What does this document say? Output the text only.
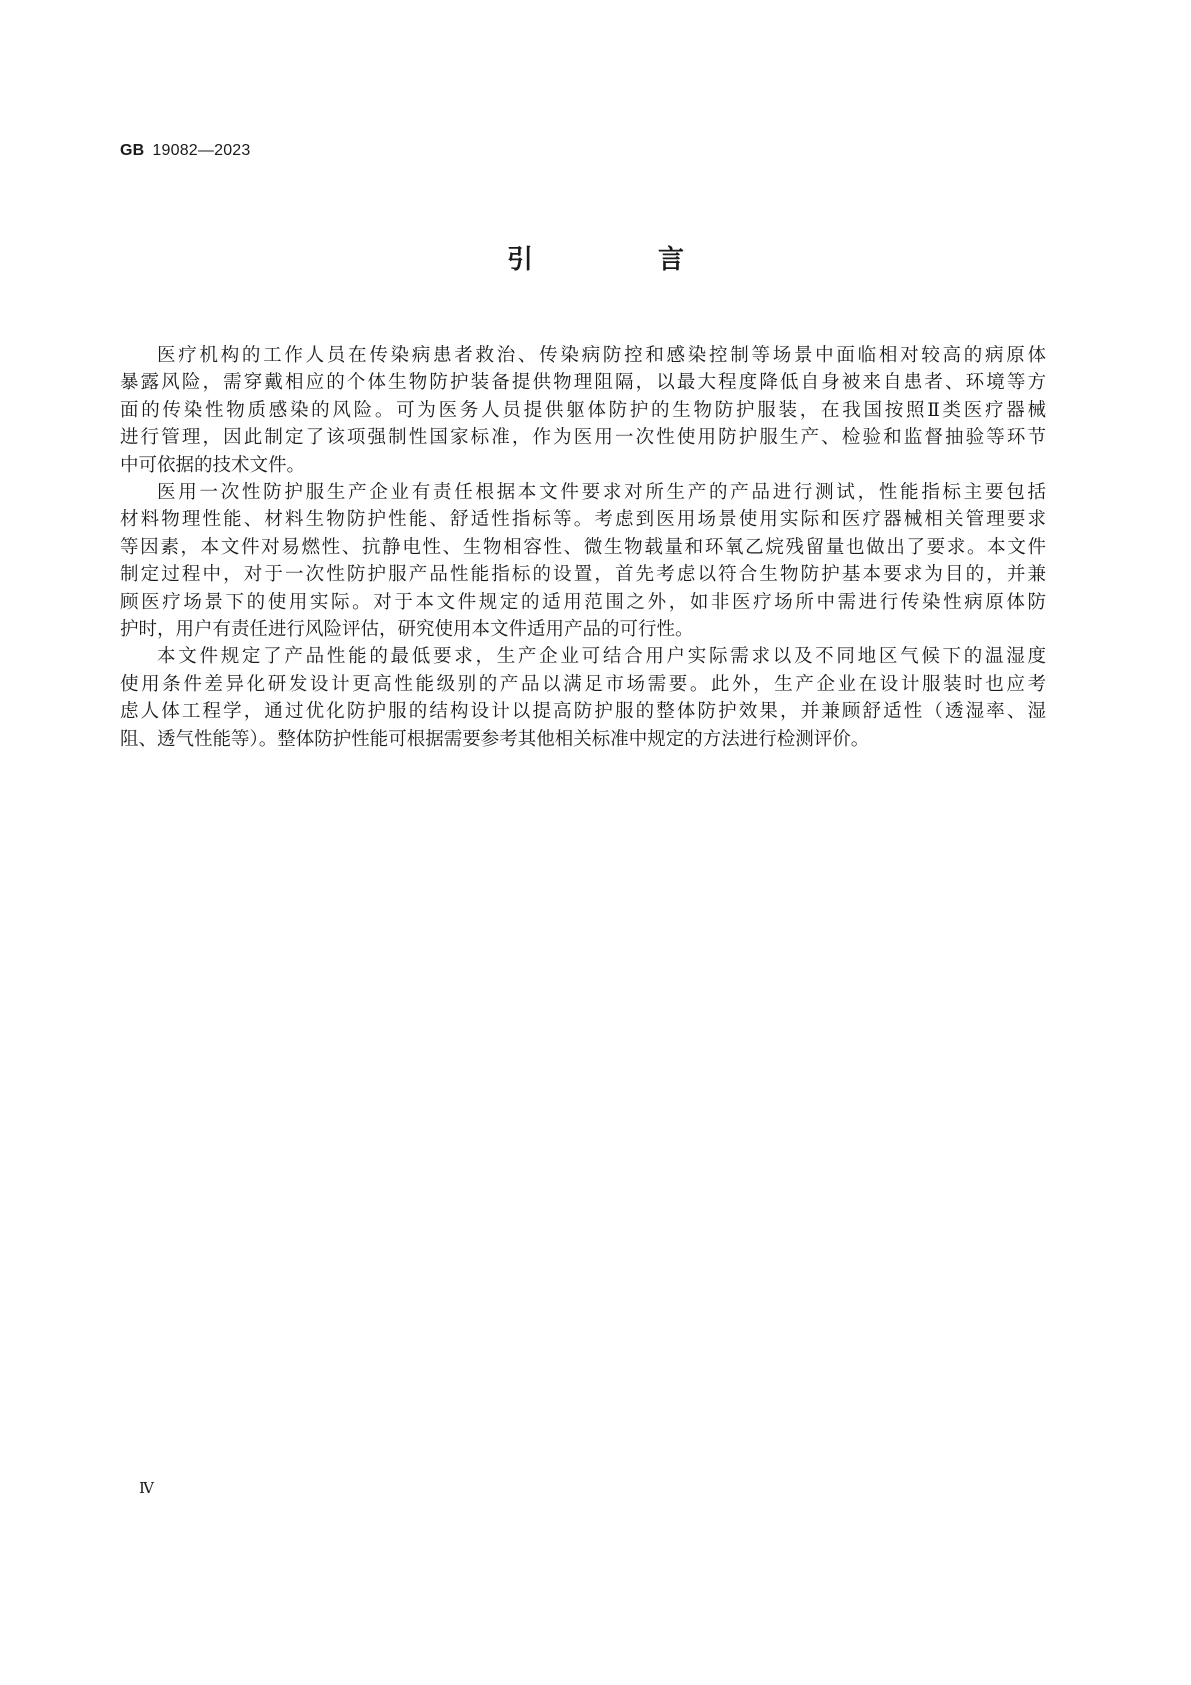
GB 19082—2023
引 言

医疗机构的工作人员在传染病患者救治、传染病防控和感染控制等场景中面临相对较高的病原体
暴露风险，需穿戴相应的个体生物防护装备提供物理阻隔，以最大程度降低自身被来自患者、环境等方
面的传染性物质感染的风险。可为医务人员提供躯体防护的生物防护服装，在我国按照Ⅱ类医疗器械
进行管理，因此制定了该项强制性国家标准，作为医用一次性使用防护服生产、检验和监督抽验等环节
中可依据的技术文件。

医用一次性防护服生产企业有责任根据本文件要求对所生产的产品进行测试，性能指标主要包括
材料物理性能、材料生物防护性能、舒适性指标等。考虑到医用场景使用实际和医疗器械相关管理要求
等因素，本文件对易燃性、抗静电性、生物相容性、微生物载量和环氧乙烷残留量也做出了要求。本文件
制定过程中，对于一次性防护服产品性能指标的设置，首先考虑以符合生物防护基本要求为目的，并兼
顾医疗场景下的使用实际。对于本文件规定的适用范围之外，如非医疗场所中需进行传染性病原体防
护时，用户有责任进行风险评估，研究使用本文件适用产品的可行性。

本文件规定了产品性能的最低要求，生产企业可结合用户实际需求以及不同地区气候下的温湿度
使用条件差异化研发设计更高性能级别的产品以满足市场需要。此外，生产企业在设计服装时也应考
虑人体工程学，通过优化防护服的结构设计以提高防护服的整体防护效果，并兼顾舒适性（透湿率、湿
阻、透气性能等）。整体防护性能可根据需要参考其他相关标准中规定的方法进行检测评价。

Ⅳ
